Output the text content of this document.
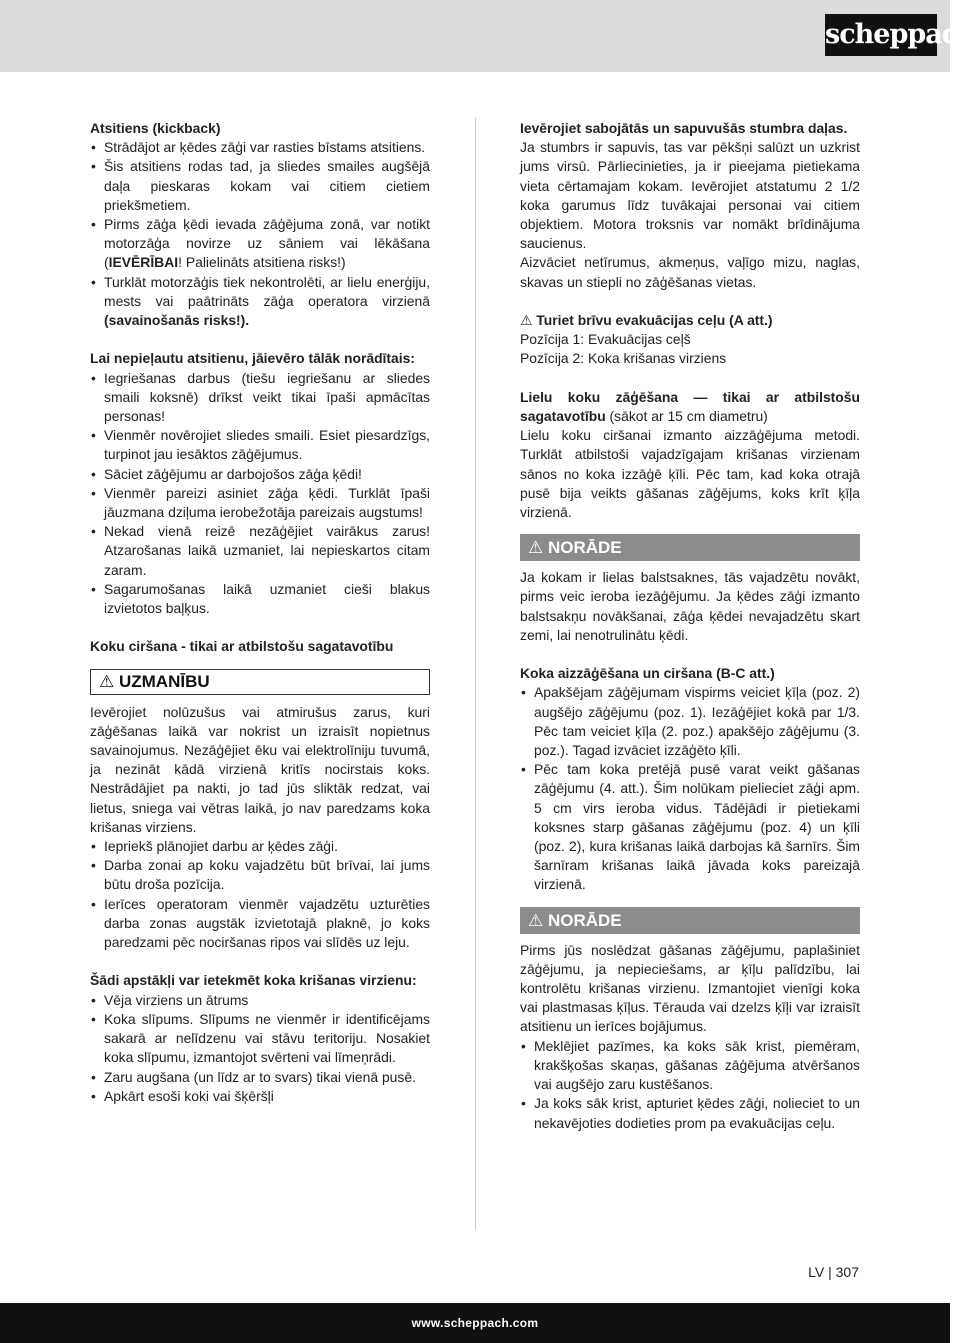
scheppach

Atsitiens (kickback)

• Strādājot ar ķēdes zāģi var rasties bīstams atsitiens.
• Šis atsitiens rodas tad, ja sliedes smailes augšējā daļa pieskaras kokam vai citiem cietiem priekšmetiem.
• Pirms zāģa ķēdi ievada zāģējuma zonā, var notikt motorzāģa novirze uz sāniem vai lēkāšana (IEVĒRĪBAI! Palielināts atsitiena risks!)
• Turklāt motorzāģis tiek nekontrolēti, ar lielu enerģiju, mests vai paātrināts zāģa operatora virzienā (savainošanās risks!).

Lai nepieļautu atsitienu, jāievēro tālāk norādītais:

• Iegriešanas darbus (tiešu iegriešanu ar sliedes smaili koksnē) drīkst veikt tikai īpaši apmācītas personas!
• Vienmēr novērojiet sliedes smaili. Esiet piesardzīgs, turpinot jau iesāktos zāģējumus.
• Sāciet zāģējumu ar darbojošos zāģa ķēdi!
• Vienmēr pareizi asiniet zāģa ķēdi. Turklāt īpaši jāuzmana dziļuma ierobežotāja pareizais augstums!
• Nekad vienā reizē nezāģējiet vairākus zarus! Atzarošanas laikā uzmaniet, lai nepieskartos citam zaram.
• Sagarumošanas laikā uzmaniet cieši blakus izvietotos baļķus.

Koku ciršana - tikai ar atbilstošu sagatavotību

⚠ UZMANĪBU

Ievērojiet nolūzušus vai atmirušus zarus, kuri zāģēšanas laikā var nokrist un izraisīt nopietnus savainojumus. Nezāģējiet ēku vai elektrolīniju tuvumā, ja nezināt kādā virzienā kritīs nocirstais koks. Nestrādājiet pa nakti, jo tad jūs sliktāk redzat, vai lietus, sniega vai vētras laikā, jo nav paredzams koka krišanas virziens.

• Iepriekš plānojiet darbu ar ķēdes zāģi.
• Darba zonai ap koku vajadzētu būt brīvai, lai jums būtu droša pozīcija.
• Ierīces operatoram vienmēr vajadzētu uzturēties darba zonas augstāk izvietotajā plaknē, jo koks paredzami pēc nociršanas ripos vai slīdēs uz leju.

Šādi apstākļi var ietekmēt koka krišanas virzienu:

• Vēja virziens un ātrums
• Koka slīpums. Slīpums ne vienmēr ir identificējams sakarā ar nelīdzenu vai stāvu teritoriju. Nosakiet koka slīpumu, izmantojot svērteni vai līmeņrādi.
• Zaru augšana (un līdz ar to svars) tikai vienā pusē.
• Apkārt esoši koki vai šķēršļi

Ievērojiet sabojātās un sapuvušās stumbra daļas.

Ja stumbrs ir sapuvis, tas var pēkšņi salūzt un uzkrist jums virsū. Pārliecinieties, ja ir pieejama pietiekama vieta cērtamajam kokam. Ievērojiet atstatumu 2 1/2 koka garumus līdz tuvākajai personai vai citiem objektiem. Motora troksnis var nomākt brīdinājuma saucienus.

Aizvāciet netīrumus, akmeņus, vaļīgo mizu, naglas, skavas un stiepli no zāģēšanas vietas.

⚠ Turiet brīvu evakuācijas ceļu (A att.)

Pozīcija 1: Evakuācijas ceļš

Pozīcija 2: Koka krišanas virziens

Lielu koku zāģēšana — tikai ar atbilstošu sagatavotību (sākot ar 15 cm diametru)

Lielu koku ciršanai izmanto aizzāģējuma metodi. Turklāt atbilstoši vajadzīgajam krišanas virzienam sānos no koka izzāģē ķīli. Pēc tam, kad koka otrajā pusē bija veikts gāšanas zāģējums, koks krīt ķīļa virzienā.

⚠ NORĀDE

Ja kokam ir lielas balstsaknes, tās vajadzētu novākt, pirms veic ieroba iezāģējumu. Ja ķēdes zāģi izmanto balstsakņu novākšanai, zāģa ķēdei nevajadzētu skart zemi, lai nenotrulinātu ķēdi.

Koka aizzāģēšana un ciršana (B-C att.)

• Apakšējam zāģējumam vispirms veiciet ķīļa (poz. 2) augšējo zāģējumu (poz. 1). Iezāģējiet kokā par 1/3. Pēc tam veiciet ķīļa (2. poz.) apakšējo zāģējumu (3. poz.). Tagad izvāciet izzāģēto ķīli.
• Pēc tam koka pretējā pusē varat veikt gāšanas zāģējumu (4. att.). Šim nolūkam pielieciet zāģi apm. 5 cm virs ieroba vidus. Tādējādi ir pietiekami koksnes starp gāšanas zāģējumu (poz. 4) un ķīli (poz. 2), kura krišanas laikā darbojas kā šarnīrs. Šim šarnīram krišanas laikā jāvada koks pareizajā virzienā.
⚠ NORĀDE

Pirms jūs noslēdzat gāšanas zāģējumu, paplašiniet zāģējumu, ja nepieciešams, ar ķīļu palīdzību, lai kontrolētu krišanas virzienu. Izmantojiet vienīgi koka vai plastmasas ķīļus. Tērauda vai dzelzs ķīļi var izraisīt atsitienu un ierīces bojājumus.

• Meklējiet pazīmes, ka koks sāk krist, piemēram, krakšķošas skaņas, gāšanas zāģējuma atvēršanos vai augšējo zaru kustēšanos.
• Ja koks sāk krist, apturiet ķēdes zāģi, nolieciet to un nekavējoties dodieties prom pa evakuācijas ceļu.
LV | 307
www.scheppach.com
